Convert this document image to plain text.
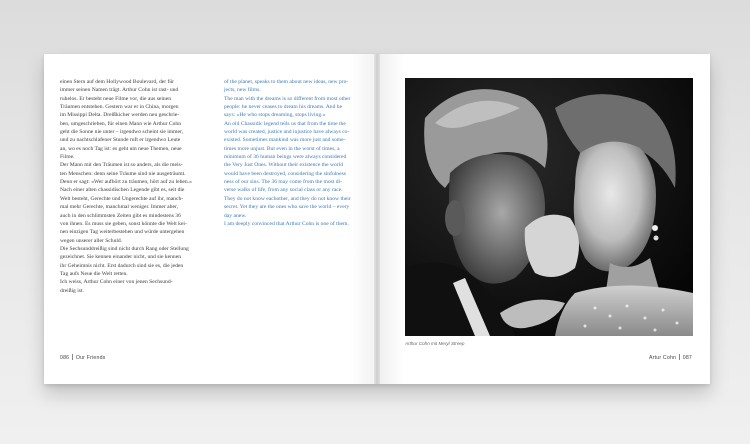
einen Stern auf dem Hollywood Boulevard, der für

immer seinen Namen trägt. Arthur Cohn ist rast- und

ruhelos. Er besteht neue Filme vor, die aus seinen

Träumen entstehen. Gestern war er in China, morgen

im Missippi Delta. Dreißkicher werden neu geschrie-

ben, umgeschrieben, für einen Mann wie Arthur Cohn

geht die Sonne nie unter – irgendwo scheint sie immer,

und zu nachtschlafener Stunde ruft er irgendwo Leute

an, wo es noch Tag ist: es geht um neue Themen, neue

Filme.

Der Mann mit den Träumen ist so anders, als die meis-

ten Menschen: denn seine Träume sind nie ausgeträumt.

Denn er sagt: «Wer aufhört zu träumen, hört auf zu leben.»

Nach einer alten chassidischen Legende gibt es, seit die

Welt besteht, Gerechte und Ungerechte auf ihr, manch-

mal mehr Gerechte, manchmal weniger. Immer aber,

auch in den schlimmsten Zeiten gibt es mindestens 36

von ihnen. Es muss sie geben, sonst könnte die Welt kei-

nen einzigen Tag weiterbestehen und würde untergehen

wegen unserer aller Schuld.

Die Sechsunddreißig sind nicht durch Rang oder Stellung

gezeichnet. Sie kennen einander nicht, und sie kennen

ihr Geheimnis nicht. Erst dadurch sind sie es, die jeden

Tag aufs Neue die Welt retten.

Ich weiss, Arthur Cohn einer von jenen Sechsund-

dreißig ist.

of the planet, speaks to them about new ideas, new pro-

jects, new films.

The man with the dreams is so different from most other

people: he never ceases to dream his dreams. And he

says: «He who stops dreaming, stops living.»

An old Chassidic legend tells us that from the time the

world was created, justice and injustice have always co-

existed. Sometimes mankind was more just and some-

times more unjust. But even in the worst of times, a

minimum of 36 human beings were always considered

the Very Just Ones. Without their existence the world

would have been destroyed, considering the sinfulness

ness of our sins. The 36 may come from the most di-

verse walks of life, from any social class or any race.

They do not know eachother, and they do not know their

secret. Yet they are the ones who save the world – every

day anew.

I am deeply convinced that Arthur Cohn is one of them.

086 Our Friends
Arthur Cohn mit Meryl Streep
Artur Cohn 087
